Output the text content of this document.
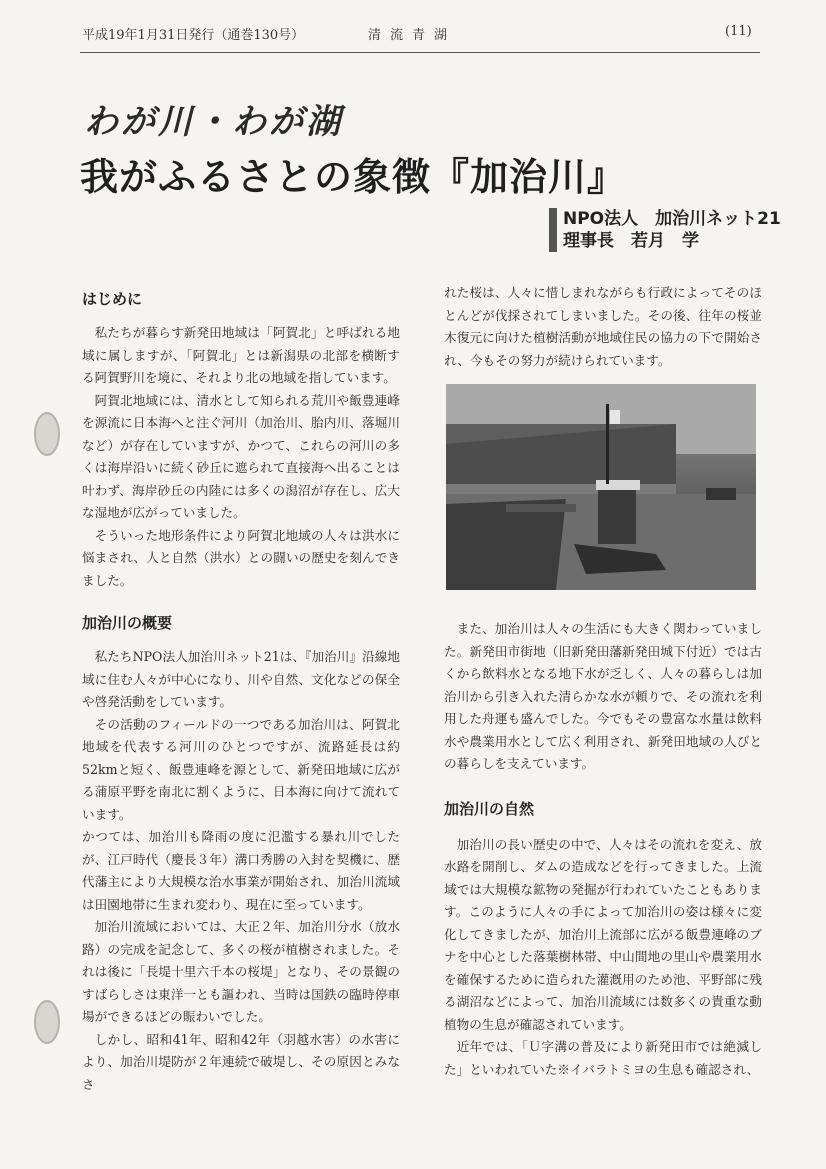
平成19年1月31日発行（通巻130号）	清流青湖	(11)
わが川・わが湖
我がふるさとの象徴『加治川』
NPO法人　加治川ネット21
理事長　若月　学
はじめに

私たちが暮らす新発田地域は「阿賀北」と呼ばれる地域に属しますが、「阿賀北」とは新潟県の北部を横断する阿賀野川を境に、それより北の地域を指しています。

阿賀北地域には、清水として知られる荒川や飯豊連峰を源流に日本海へと注ぐ河川（加治川、胎内川、落堀川など）が存在していますが、かつて、これらの河川の多くは海岸沿いに続く砂丘に遮られて直接海へ出ることは叶わず、海岸砂丘の内陸には多くの潟沼が存在し、広大な湿地が広がっていました。

そういった地形条件により阿賀北地域の人々は洪水に悩まされ、人と自然（洪水）との闘いの歴史を刻んできました。

加治川の概要

私たちNPO法人加治川ネット21は、『加治川』沿線地域に住む人々が中心になり、川や自然、文化などの保全や啓発活動をしています。

その活動のフィールドの一つである加治川は、阿賀北地域を代表する河川のひとつですが、流路延長は約52kmと短く、飯豊連峰を源として、新発田地域に広がる蒲原平野を南北に割くように、日本海に向けて流れています。

かつては、加治川も降雨の度に氾濫する暴れ川でしたが、江戸時代（慶長３年）溝口秀勝の入封を契機に、歴代藩主により大規模な治水事業が開始され、加治川流域は田園地帯に生まれ変わり、現在に至っています。

加治川流域においては、大正２年、加治川分水（放水路）の完成を記念して、多くの桜が植樹されました。それは後に「長堤十里六千本の桜堤」となり、その景観のすばらしさは東洋一とも謳われ、当時は国鉄の臨時停車場ができるほどの賑わいでした。

しかし、昭和41年、昭和42年（羽越水害）の水害により、加治川堤防が２年連続で破堤し、その原因とみなさ

れた桜は、人々に惜しまれながらも行政によってそのほとんどが伐採されてしまいました。その後、往年の桜並木復元に向けた植樹活動が地域住民の協力の下で開始され、今もその努力が続けられています。

また、加治川は人々の生活にも大きく関わっていました。新発田市街地（旧新発田藩新発田城下付近）では古くから飲料水となる地下水が乏しく、人々の暮らしは加治川から引き入れた清らかな水が頼りで、その流れを利用した舟運も盛んでした。今でもその豊富な水量は飲料水や農業用水として広く利用され、新発田地域の人びとの暮らしを支えています。

加治川の自然

加治川の長い歴史の中で、人々はその流れを変え、放水路を開削し、ダムの造成などを行ってきました。上流域では大規模な鉱物の発掘が行われていたこともあります。このように人々の手によって加治川の姿は様々に変化してきましたが、加治川上流部に広がる飯豊連峰のブナを中心とした落葉樹林帯、中山間地の里山や農業用水を確保するために造られた灌漑用のため池、平野部に残る湖沼などによって、加治川流域には数多くの貴重な動植物の生息が確認されています。

近年では、「Ｕ字溝の普及により新発田市では絶滅した」といわれていた※イバラトミヨの生息も確認され、
